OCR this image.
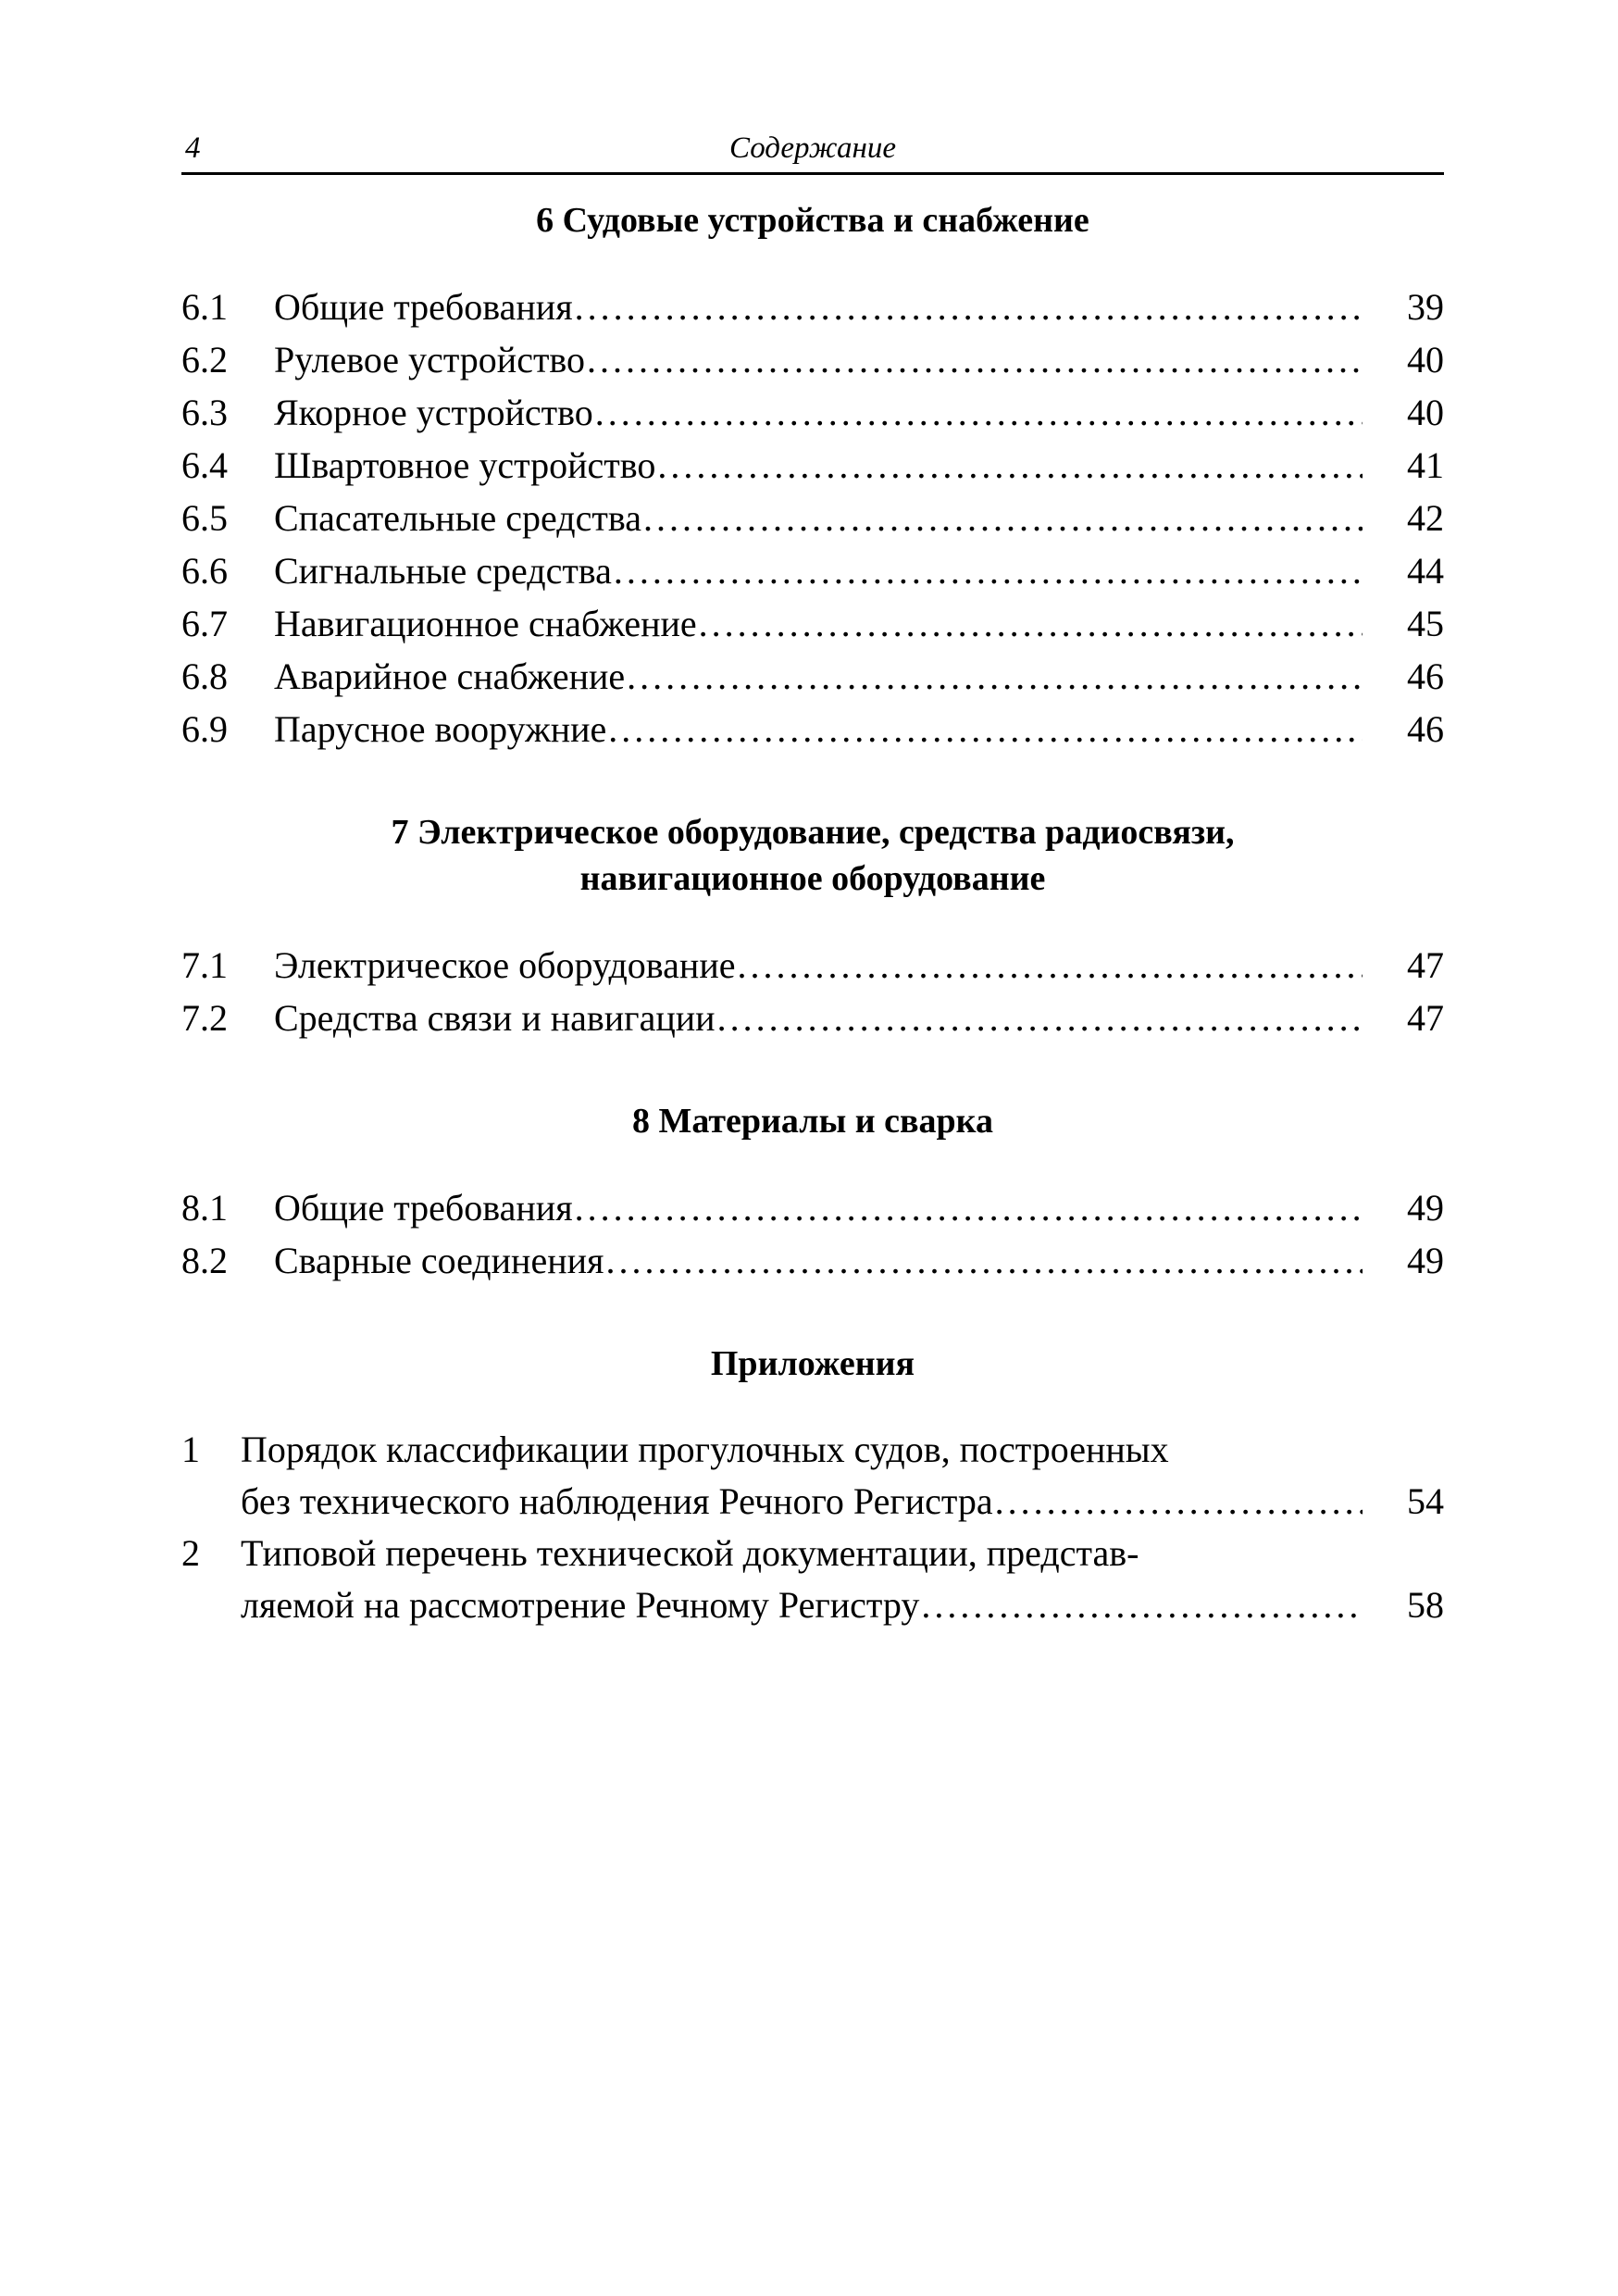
4	Содержание
6 Судовые устройства и снабжение
6.1	Общие требования . . .	39
6.2	Рулевое устройство . . .	40
6.3	Якорное устройство . . .	40
6.4	Швартовное устройство . . .	41
6.5	Спасательные средства . . .	42
6.6	Сигнальные средства . . .	44
6.7	Навигационное снабжение . . .	45
6.8	Аварийное снабжение . . .	46
6.9	Парусное вооружние . . .	46
7 Электрическое оборудование, средства радиосвязи,
навигационное оборудование
7.1	Электрическое оборудование . . .	47
7.2	Средства связи и навигации . . .	47
8 Материалы и сварка
8.1	Общие требования . . .	49
8.2	Сварные соединения . . .	49
Приложения
1	Порядок классификации прогулочных судов, построенных
без технического наблюдения Речного Регистра . . .	54
2	Типовой перечень технической документации, представ-
ляемой на рассмотрение Речному Регистру . . .	58
